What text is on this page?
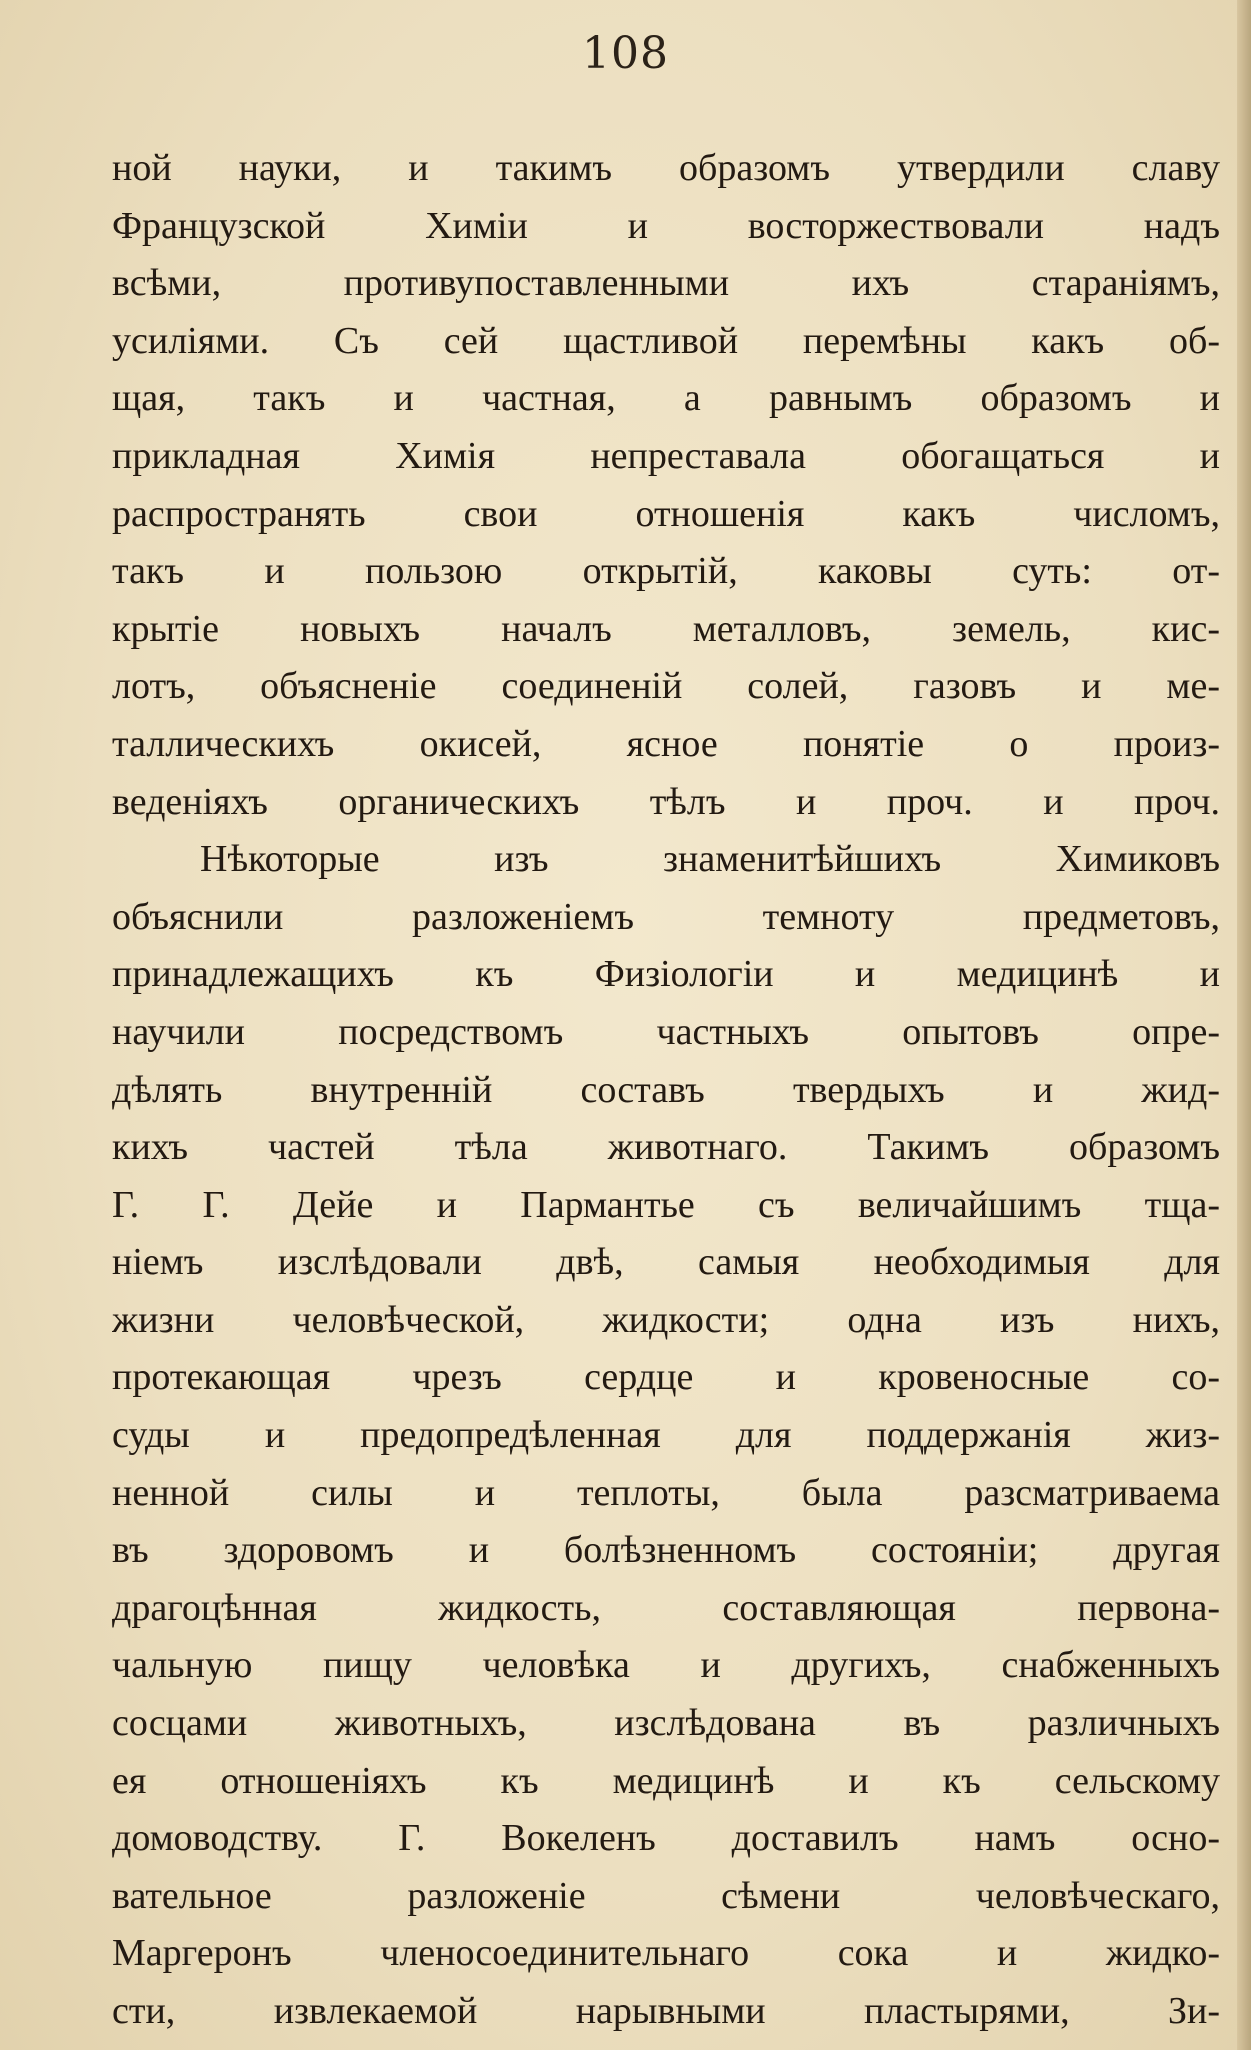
108
ной науки, и такимъ образомъ утвердили славу
Французской Химіи и восторжествовали надъ
всѣми, противупоставленными ихъ стараніямъ,
усиліями. Съ сей щастливой перемѣны какъ об-
щая, такъ и частная, а равнымъ образомъ и
прикладная Химія непреставала обогащаться и
распространять свои отношенія какъ числомъ,
такъ и пользою открытій, каковы суть: от-
крытіе новыхъ началъ металловъ, земель, кис-
лотъ, объясненіе соединеній солей, газовъ и ме-
таллическихъ окисей, ясное понятіе о произ-
веденіяхъ органическихъ тѣлъ и проч. и проч.
Нѣкоторые изъ знаменитѣйшихъ Химиковъ
объяснили разложеніемъ темноту предметовъ,
принадлежащихъ къ Физіологіи и медицинѣ и
научили посредствомъ частныхъ опытовъ опре-
дѣлять внутренній составъ твердыхъ и жид-
кихъ частей тѣла животнаго. Такимъ образомъ
Г. Г. Дейе и Пармантье съ величайшимъ тща-
ніемъ изслѣдовали двѣ, самыя необходимыя для
жизни человѣческой, жидкости; одна изъ нихъ,
протекающая чрезъ сердце и кровеносные со-
суды и предопредѣленная для поддержанія жиз-
ненной силы и теплоты, была разсматриваема
въ здоровомъ и болѣзненномъ состояніи; другая
драгоцѣнная жидкость, составляющая первона-
чальную пищу человѣка и другихъ, снабженныхъ
сосцами животныхъ, изслѣдована въ различныхъ
ея отношеніяхъ къ медицинѣ и къ сельскому
домоводству. Г. Вокеленъ доставилъ намъ осно-
вательное разложеніе сѣмени человѣческаго,
Маргеронъ членосоединительнаго сока и жидко-
сти, извлекаемой нарывными пластырями, Зи-
